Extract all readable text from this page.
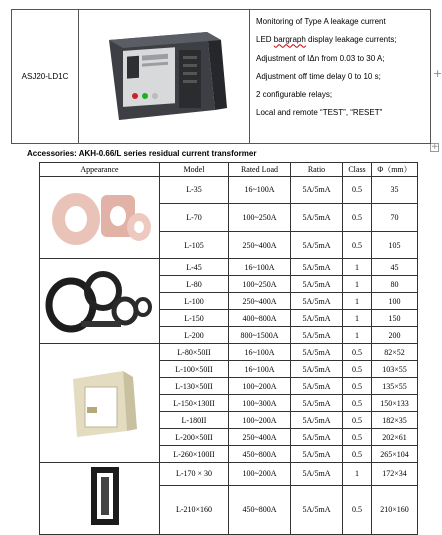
+
+
ASJ20-LD1C
Monitoring of Type A leakage current
LED bargraph display leakage currents;
Adjustment of IΔn from 0.03 to 30 A;
Adjustment off time delay 0 to 10 s;
2 configurable relays;
Local and remote “TEST”, “RESET”
Accessories: AKH-0.66/L series residual current transformer
Appearance	Model	Rated Load	Ratio	Class	Φ（mm）
	L-35	16~100A	5A/5mA	0.5	35
	L-70	100~250A	5A/5mA	0.5	70
	L-105	250~400A	5A/5mA	0.5	105
	L-45	16~100A	5A/5mA	1	45
	L-80	100~250A	5A/5mA	1	80
	L-100	250~400A	5A/5mA	1	100
	L-150	400~800A	5A/5mA	1	150
	L-200	800~1500A	5A/5mA	1	200
	L-80×50II	16~100A	5A/5mA	0.5	82×52
	L-100×50II	16~100A	5A/5mA	0.5	103×55
	L-130×50II	100~200A	5A/5mA	0.5	135×55
	L-150×130II	100~300A	5A/5mA	0.5	150×133
	L-180II	100~200A	5A/5mA	0.5	182×35
	L-200×50II	250~400A	5A/5mA	0.5	202×61
	L-260×100II	450~800A	5A/5mA	0.5	265×104
	L-170 × 30	100~200A	5A/5mA	1	172×34
	L-210×160	450~800A	5A/5mA	0.5	210×160
